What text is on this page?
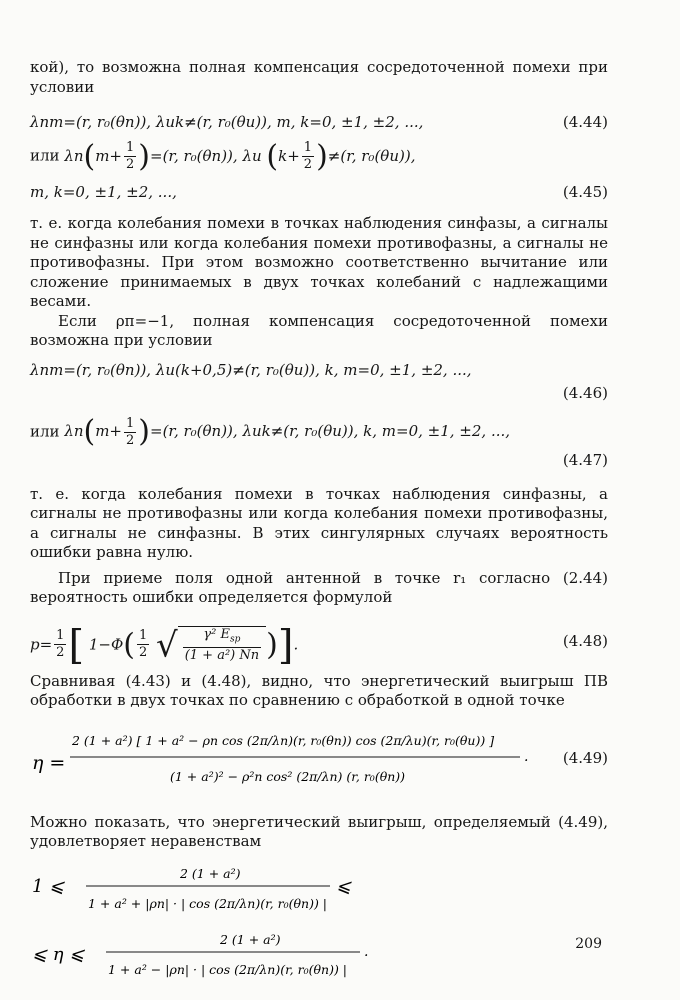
кой), то возможна полная компенсация сосредоточенной помехи при условии

λпm=(r, r₀(θп)), λuk≠(r, r₀(θu)), m, k=0, ±1, ±2, ...,	(4.44)
или $\lambda п(m+ \frac{1}{2} )=(r$, r₀(θп)), λu $(k+ \frac{1}{2} )\ne(r$, r₀(θu)),
m, k=0, ±1, ±2, ...,	(4.45)

т. е. когда колебания помехи в точках наблюдения синфазы, а сигналы не синфазны или когда колебания помехи противофазны, а сигналы не противофазны. При этом возможно соответственно вычитание или сложение принимаемых в двух точках колебаний с надлежащими весами.

Если ρп=−1, полная компенсация сосредоточенной помехи возможна при условии

λпm=(r, r₀(θп)), λu(k+0,5)≠(r, r₀(θu)), k, m=0, ±1, ±2, ...,
(4.46)
или $\lambda п(m+ \frac{1}{2} )=(r$, r₀(θп)), λuk≠(r, r₀(θu)), k, m=0, ±1, ±2, ...,
(4.47)

т. е. когда колебания помехи в точках наблюдения синфазны, а сигналы не противофазны или когда колебания помехи противофазны, а сигналы не синфазны. В этих сингулярных случаях вероятность ошибки равна нулю.

При приеме поля одной антенной в точке r₁ согласно (2.44) вероятность ошибки определяется формулой

$p= \frac{1}{2}$ [ $1-\Phi( \frac{1}{2}$ √ $\frac{\gamma^2 E_{sр}}{\text{(1 + a²) Nп}}$ )].	(4.48)

Сравнивая (4.43) и (4.48), видно, что энергетический выигрыш ПВ обработки в двух точках по сравнению с обработкой в одной точке

η =
2 (1 + a²) [ 1 + a² − ρп cos (2π/λп)(r, r₀(θп)) cos (2π/λu)(r, r₀(θu)) ]
(1 + a²)² − ρ²п cos² (2π/λп) (r, r₀(θп))
. (4.49)

Можно показать, что энергетический выигрыш, определяемый (4.49), удовлетворяет неравенствам

1 ⩽
2 (1 + a²)
1 + a² + |ρп| · | cos (2π/λп)(r, r₀(θп)) |
⩽
⩽ η ⩽
2 (1 + a²)
1 + a² − |ρп| · | cos (2π/λп)(r, r₀(θп)) |
.	209
